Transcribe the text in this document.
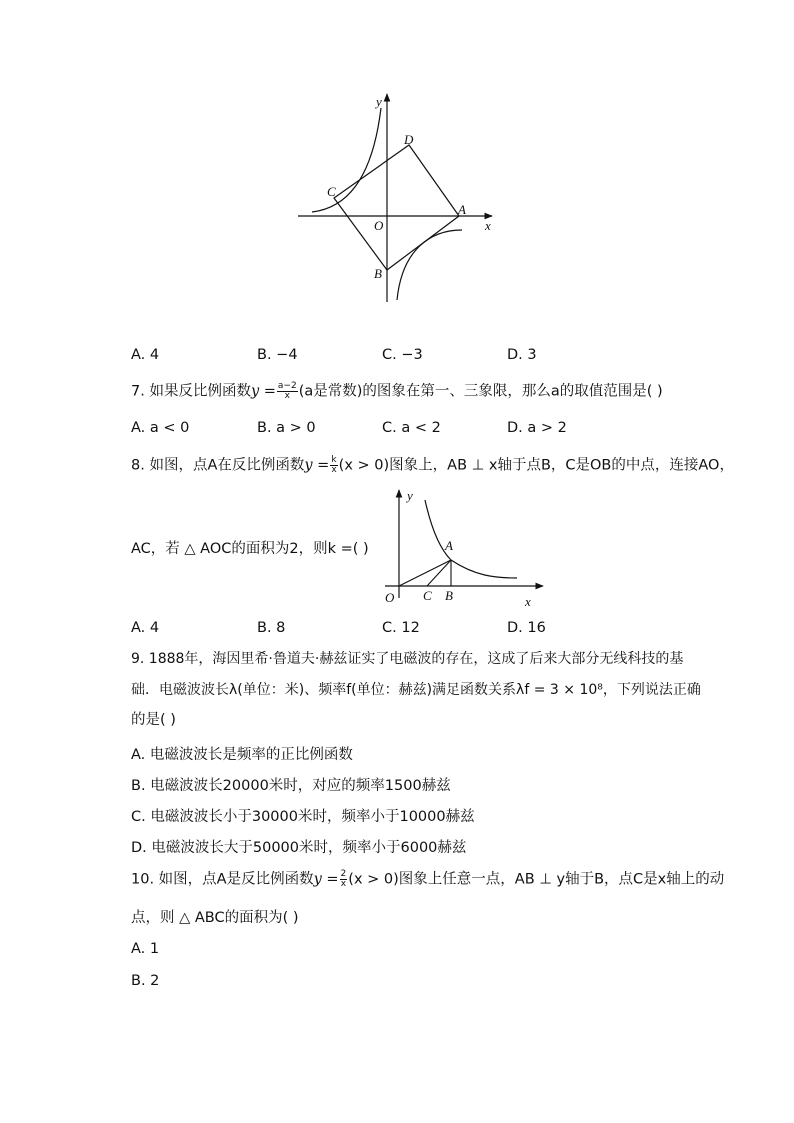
y
x
O
A
B
C
D
A. 4	B. −4	C. −3	D. 3
7. 如果反比例函数$y = \frac{a-2}{x} (a$是常数)的图象在第一、三象限，那么a的取值范围是( )
A. a < 0	B. a > 0	C. a < 2	D. a > 2
8. 如图，点A在反比例函数$y = \frac{k}{x} (x > 0)$图象上，AB ⊥ x轴于点B，C是OB的中点，连接AO，
AC，若 △ AOC的面积为2，则k =( )
y
x
O
A
C B
A. 4	B. 8	C. 12	D. 16
9. 1888年，海因里希·鲁道夫·赫兹证实了电磁波的存在，这成了后来大部分无线科技的基
础．电磁波波长λ(单位：米)、频率f(单位：赫兹)满足函数关系λf = 3 × 10⁸，下列说法正确
的是( )
A. 电磁波波长是频率的正比例函数
B. 电磁波波长20000米时，对应的频率1500赫兹
C. 电磁波波长小于30000米时，频率小于10000赫兹
D. 电磁波波长大于50000米时，频率小于6000赫兹
10. 如图，点A是反比例函数$y = \frac{2}{x} (x > 0)$图象上任意一点，AB ⊥ y轴于B，点C是x轴上的动
点，则 △ ABC的面积为( )
A. 1
B. 2
